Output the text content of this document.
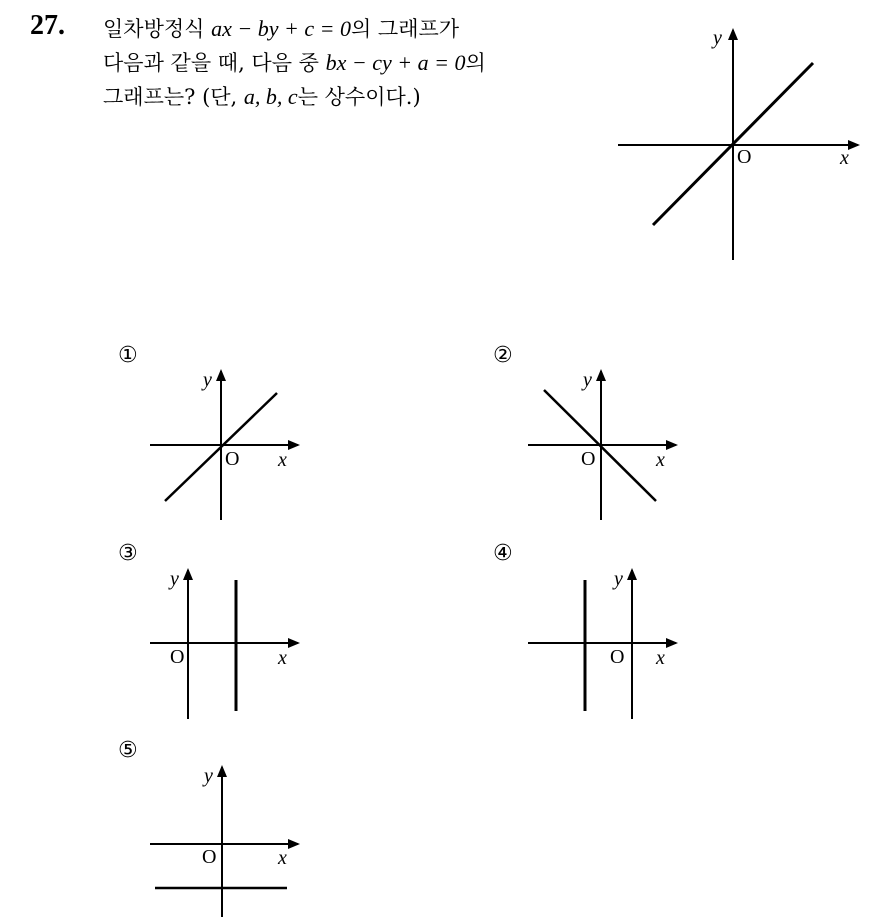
27. 일차방정식 ax − by + c = 0의 그래프가
다음과 같을 때, 다음 중 bx − cy + a = 0의
그래프는? (단, a, b, c는 상수이다.)
O	x
y
①
O x
y
②
O	x
y
③
O	x
y
④
O x
y
⑤
O	x
y
